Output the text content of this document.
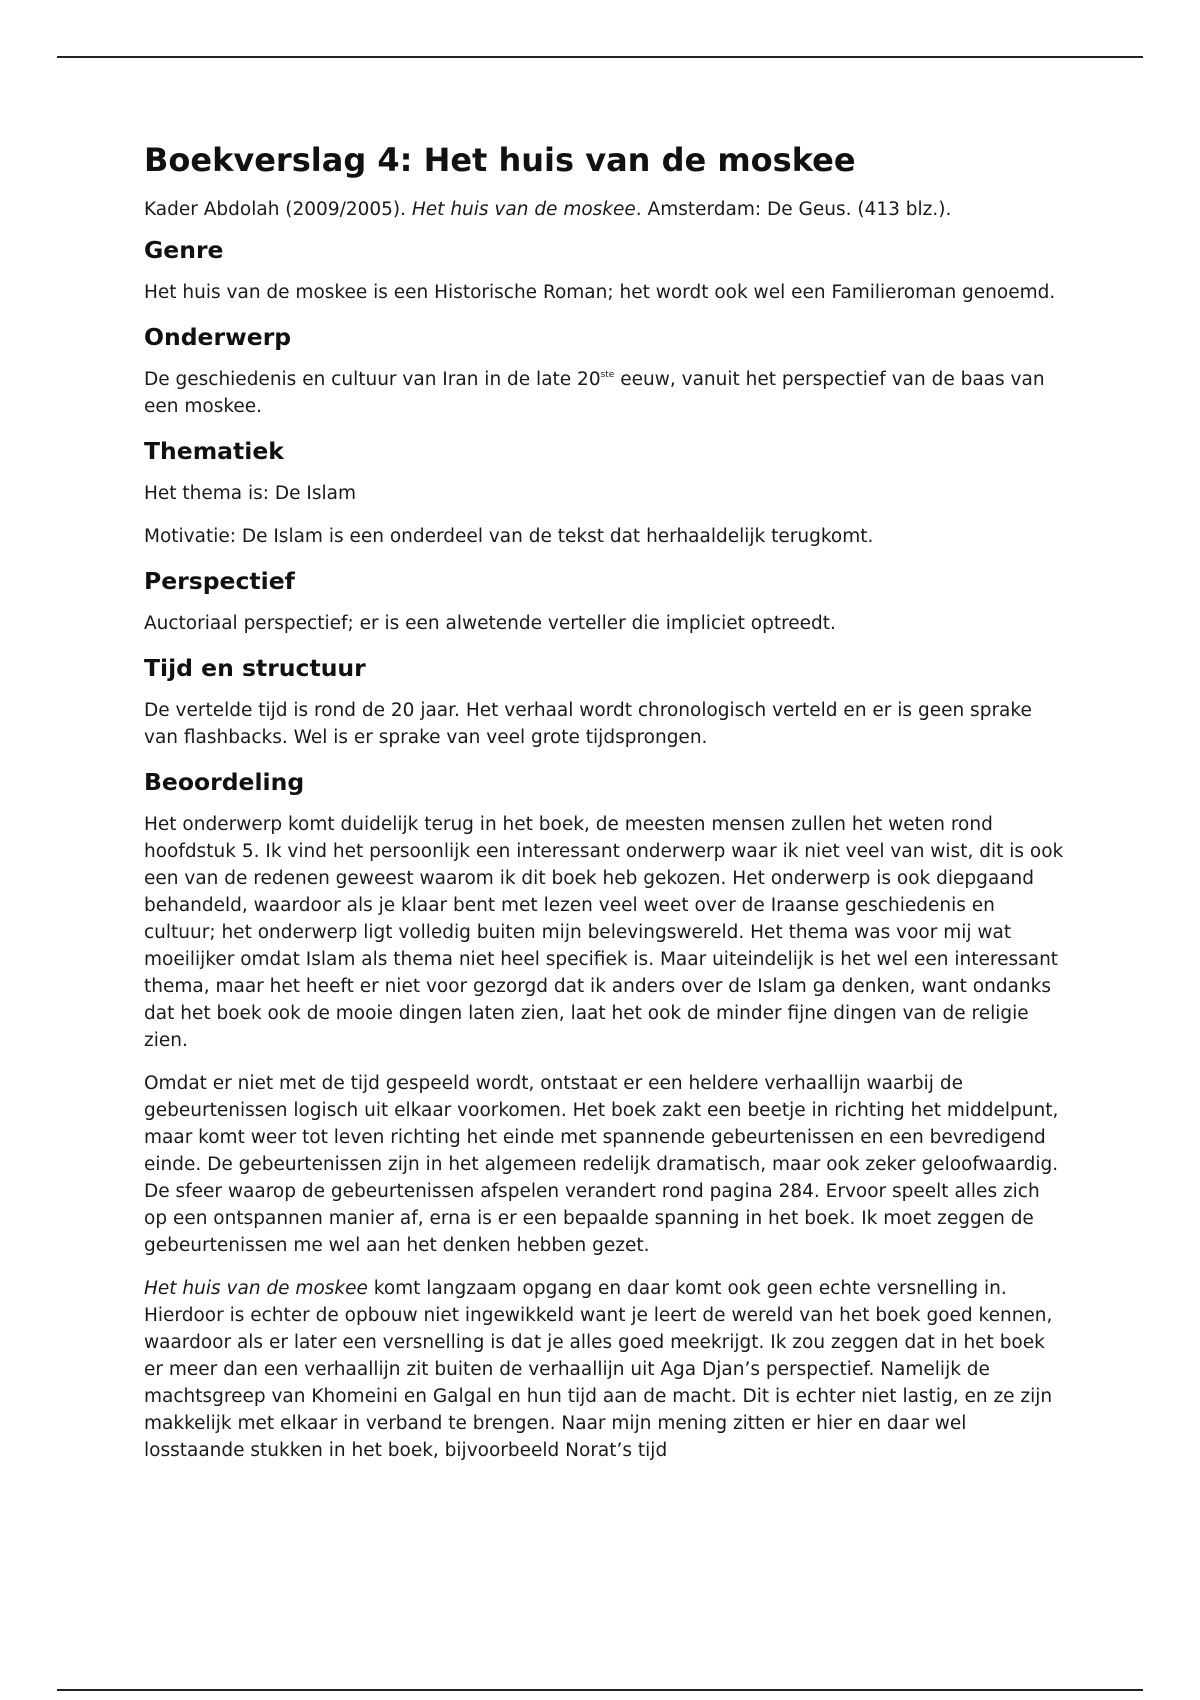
Boekverslag 4: Het huis van de moskee

Kader Abdolah (2009/2005). Het huis van de moskee. Amsterdam: De Geus. (413 blz.).

Genre

Het huis van de moskee is een Historische Roman; het wordt ook wel een Familieroman genoemd.

Onderwerp

De geschiedenis en cultuur van Iran in de late 20ste eeuw, vanuit het perspectief van de baas van een moskee.

Thematiek

Het thema is: De Islam

Motivatie: De Islam is een onderdeel van de tekst dat herhaaldelijk terugkomt.

Perspectief

Auctoriaal perspectief; er is een alwetende verteller die impliciet optreedt.

Tijd en structuur

De vertelde tijd is rond de 20 jaar. Het verhaal wordt chronologisch verteld en er is geen sprake van flashbacks. Wel is er sprake van veel grote tijdsprongen.

Beoordeling

Het onderwerp komt duidelijk terug in het boek, de meesten mensen zullen het weten rond hoofdstuk 5. Ik vind het persoonlijk een interessant onderwerp waar ik niet veel van wist, dit is ook een van de redenen geweest waarom ik dit boek heb gekozen. Het onderwerp is ook diepgaand behandeld, waardoor als je klaar bent met lezen veel weet over de Iraanse geschiedenis en cultuur; het onderwerp ligt volledig buiten mijn belevingswereld. Het thema was voor mij wat moeilijker omdat Islam als thema niet heel specifiek is. Maar uiteindelijk is het wel een interessant thema, maar het heeft er niet voor gezorgd dat ik anders over de Islam ga denken, want ondanks dat het boek ook de mooie dingen laten zien, laat het ook de minder fijne dingen van de religie zien.

Omdat er niet met de tijd gespeeld wordt, ontstaat er een heldere verhaallijn waarbij de gebeurtenissen logisch uit elkaar voorkomen. Het boek zakt een beetje in richting het middelpunt, maar komt weer tot leven richting het einde met spannende gebeurtenissen en een bevredigend einde. De gebeurtenissen zijn in het algemeen redelijk dramatisch, maar ook zeker geloofwaardig. De sfeer waarop de gebeurtenissen afspelen verandert rond pagina 284. Ervoor speelt alles zich op een ontspannen manier af, erna is er een bepaalde spanning in het boek. Ik moet zeggen de gebeurtenissen me wel aan het denken hebben gezet.

Het huis van de moskee komt langzaam opgang en daar komt ook geen echte versnelling in. Hierdoor is echter de opbouw niet ingewikkeld want je leert de wereld van het boek goed kennen, waardoor als er later een versnelling is dat je alles goed meekrijgt. Ik zou zeggen dat in het boek er meer dan een verhaallijn zit buiten de verhaallijn uit Aga Djan’s perspectief. Namelijk de machtsgreep van Khomeini en Galgal en hun tijd aan de macht. Dit is echter niet lastig, en ze zijn makkelijk met elkaar in verband te brengen. Naar mijn mening zitten er hier en daar wel losstaande stukken in het boek, bijvoorbeeld Norat’s tijd
